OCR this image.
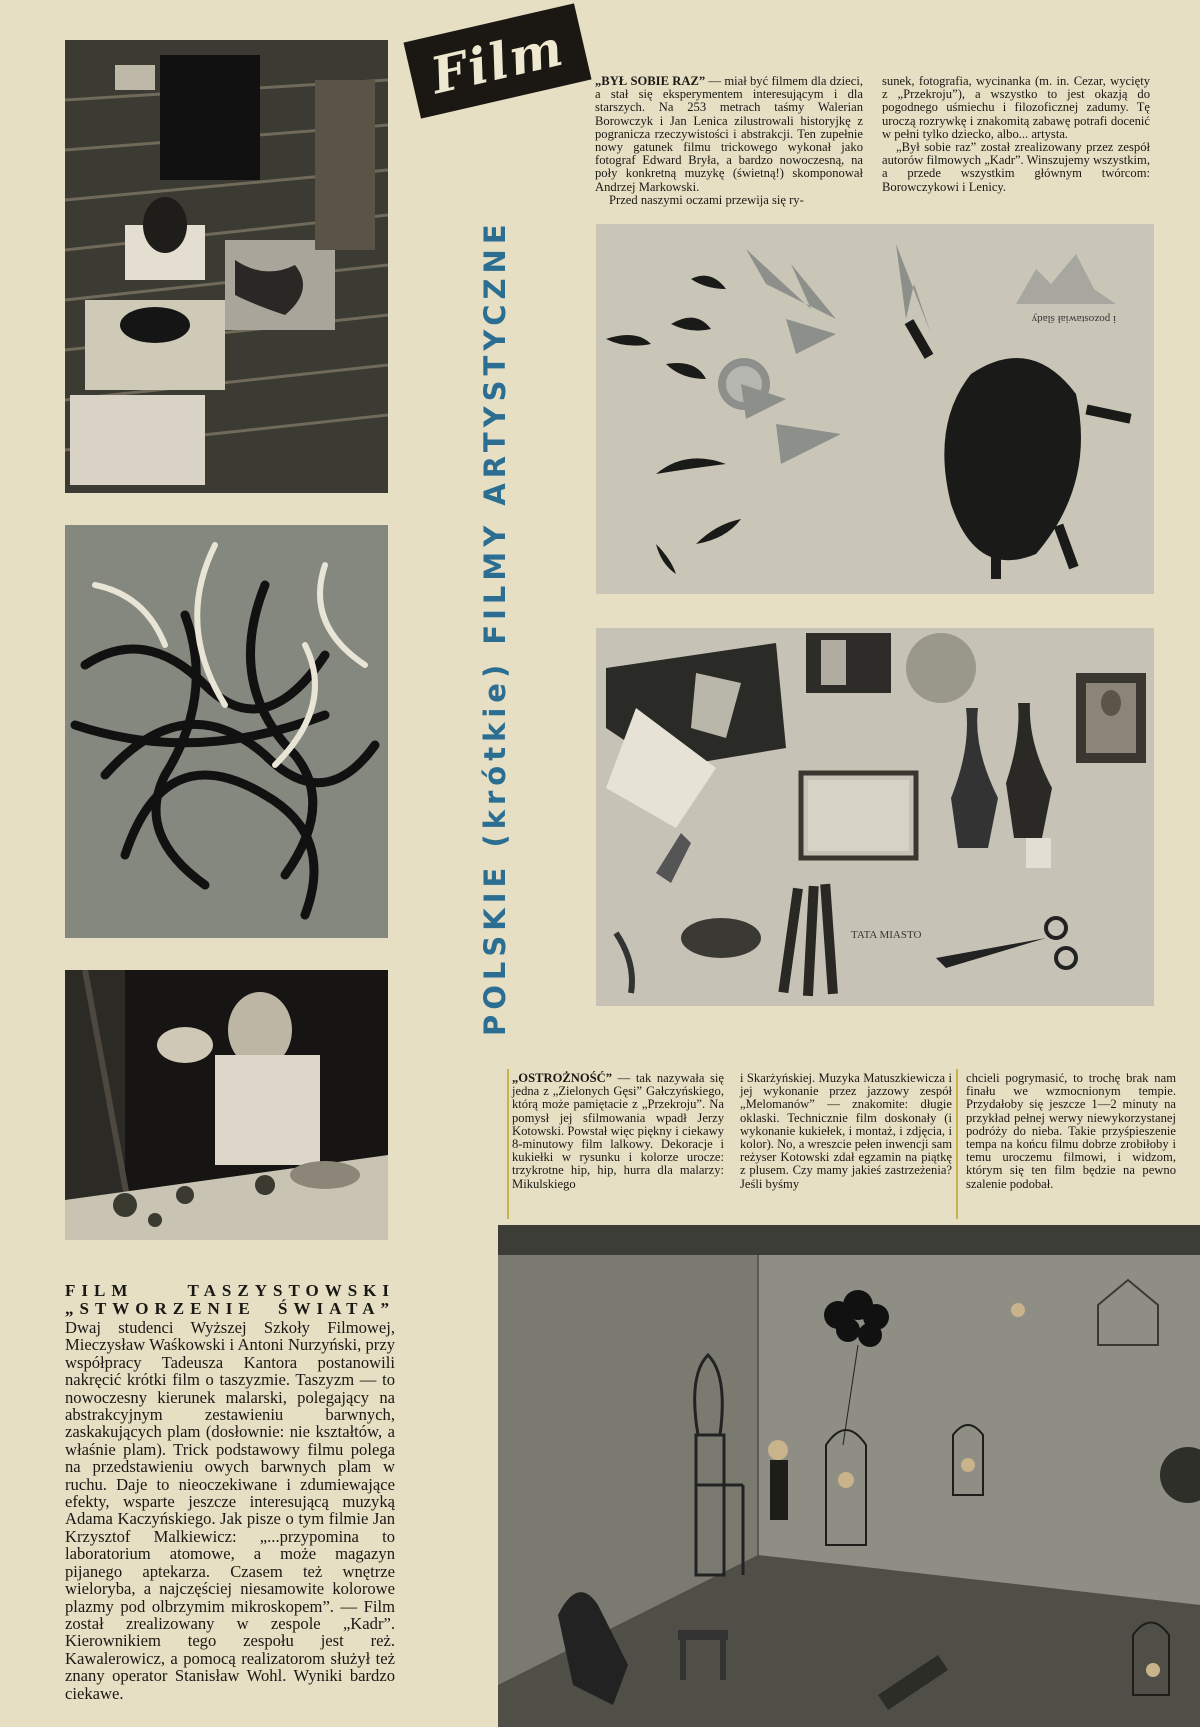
FILM TASZYSTOWSKI
„STWORZENIE ŚWIATA”
Dwaj studenci Wyższej Szkoły Filmowej, Mieczysław Waśkowski i Antoni Nurzyński, przy współpracy Tadeusza Kantora postanowili nakręcić krótki film o taszyzmie. Taszyzm — to nowoczesny kierunek malarski, polegający na abstrakcyjnym zestawieniu barwnych, zaskakujących plam (dosłownie: nie kształtów, a właśnie plam). Trick podstawowy filmu polega na przedstawieniu owych barwnych plam w ruchu. Daje to nieoczekiwane i zdumiewające efekty, wsparte jeszcze interesującą muzyką Adama Kaczyńskiego. Jak pisze o tym filmie Jan Krzysztof Malkiewicz: „...przypomina to laboratorium atomowe, a może magazyn pijanego aptekarza. Czasem też wnętrze wieloryba, a najczęściej niesamowite kolorowe plazmy pod olbrzymim mikroskopem”. — Film został zrealizowany w zespole „Kadr”. Kierownikiem tego zespołu jest reż. Kawalerowicz, a pomocą realizatorom służył też znany operator Stanisław Wohl. Wyniki bardzo ciekawe.
Film
POLSKIE (krótkie) FILMY ARTYSTYCZNE

„BYŁ SOBIE RAZ” — miał być filmem dla dzieci, a stał się eksperymentem interesującym i dla starszych. Na 253 metrach taśmy Walerian Borowczyk i Jan Lenica zilustrowali historyjkę z pogranicza rzeczywistości i abstrakcji. Ten zupełnie nowy gatunek filmu trickowego wykonał jako fotograf Edward Bryła, a bardzo nowoczesną, na poły konkretną muzykę (świetną!) skomponował Andrzej Markowski.

Przed naszymi oczami przewija się ry-

sunek, fotografia, wycinanka (m. in. Cezar, wycięty z „Przekroju”), a wszystko to jest okazją do pogodnego uśmiechu i filozoficznej zadumy. Tę uroczą rozrywkę i znakomitą zabawę potrafi docenić w pełni tylko dziecko, albo... artysta.

„Był sobie raz” został zrealizowany przez zespół autorów filmowych „Kadr”. Winszujemy wszystkim, a przede wszystkim głównym twórcom: Borowczykowi i Lenicy.

i pozostawiał ślady
TATA MIASTO

„OSTROŻNOŚĆ” — tak nazywała się jedna z „Zielonych Gęsi” Gałczyńskiego, którą może pamiętacie z „Przekroju”. Na pomysł jej sfilmowania wpadł Jerzy Kotowski. Powstał więc piękny i ciekawy 8-minutowy film lalkowy. Dekoracje i kukiełki w rysunku i kolorze urocze: trzykrotne hip, hip, hurra dla malarzy: Mikulskiego

i Skarżyńskiej. Muzyka Matuszkiewicza i jej wykonanie przez jazzowy zespół „Melomanów” — znakomite: długie oklaski. Technicznie film doskonały (i wykonanie kukiełek, i montaż, i zdjęcia, i kolor). No, a wreszcie pełen inwencji sam reżyser Kotowski zdał egzamin na piątkę z plusem. Czy mamy jakieś zastrzeżenia? Jeśli byśmy

chcieli pogrymasić, to trochę brak nam finału we wzmocnionym tempie. Przydałoby się jeszcze 1—2 minuty na przykład pełnej werwy niewykorzystanej podróży do nieba. Takie przyśpieszenie tempa na końcu filmu dobrze zrobiłoby i temu uroczemu filmowi, i widzom, którym się ten film będzie na pewno szalenie podobał.
